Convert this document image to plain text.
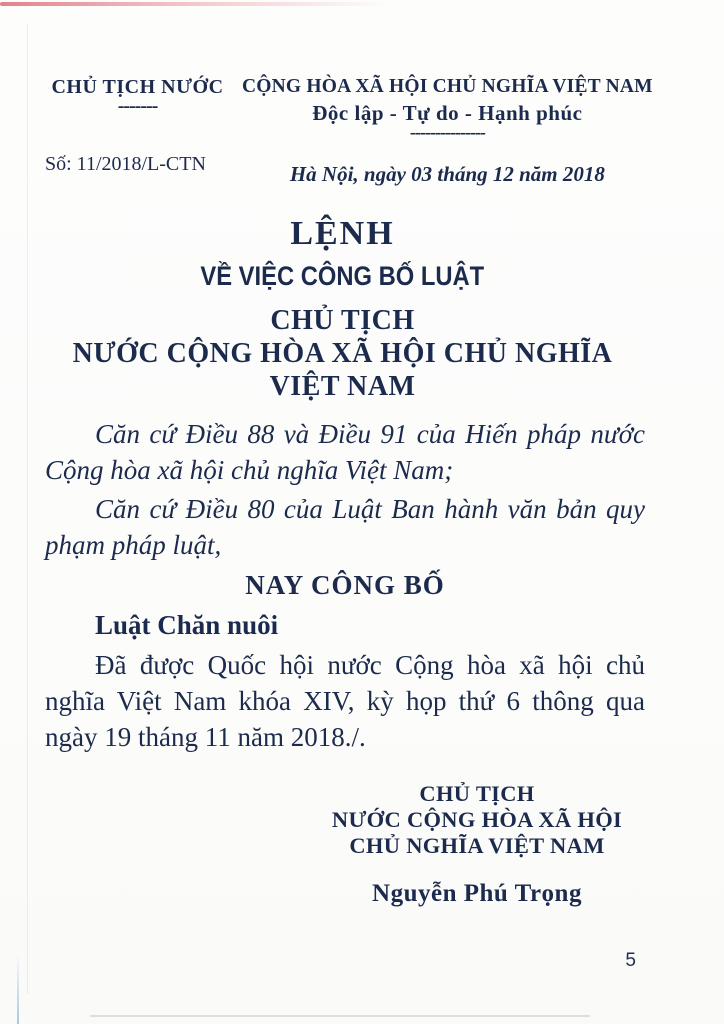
CHỦ TỊCH NƯỚC
-------
Số: 11/2018/L-CTN
CỘNG HÒA XÃ HỘI CHỦ NGHĨA VIỆT NAM
Độc lập - Tự do - Hạnh phúc
---------------
Hà Nội, ngày 03 tháng 12 năm 2018
LỆNH
VỀ VIỆC CÔNG BỐ LUẬT
CHỦ TỊCH
NƯỚC CỘNG HÒA XÃ HỘI CHỦ NGHĨA
VIỆT NAM

Căn cứ Điều 88 và Điều 91 của Hiến pháp nước Cộng hòa xã hội chủ nghĩa Việt Nam;

Căn cứ Điều 80 của Luật Ban hành văn bản quy phạm pháp luật,

NAY CÔNG BỐ
Luật Chăn nuôi

Đã được Quốc hội nước Cộng hòa xã hội chủ nghĩa Việt Nam khóa XIV, kỳ họp thứ 6 thông qua ngày 19 tháng 11 năm 2018./.

CHỦ TỊCH
NƯỚC CỘNG HÒA XÃ HỘI
CHỦ NGHĨA VIỆT NAM
Nguyễn Phú Trọng
5
